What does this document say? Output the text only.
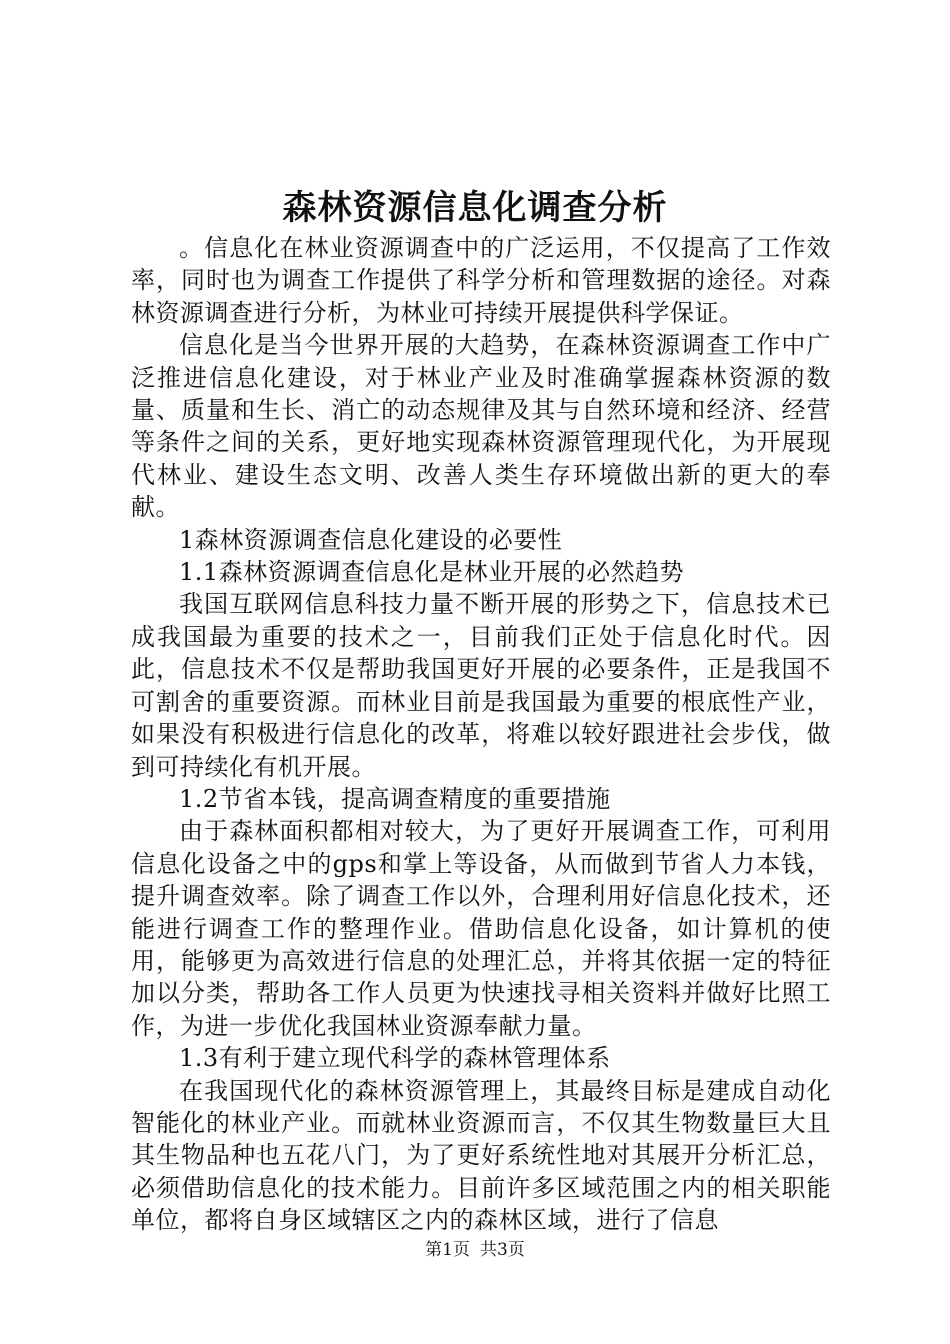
森林资源信息化调查分析

。信息化在林业资源调查中的广泛运用，不仅提高了工作效率，同时也为调查工作提供了科学分析和管理数据的途径。对森林资源调查进行分析，为林业可持续开展提供科学保证。

信息化是当今世界开展的大趋势，在森林资源调查工作中广泛推进信息化建设，对于林业产业及时准确掌握森林资源的数量、质量和生长、消亡的动态规律及其与自然环境和经济、经营等条件之间的关系，更好地实现森林资源管理现代化，为开展现代林业、建设生态文明、改善人类生存环境做出新的更大的奉献。

1森林资源调查信息化建设的必要性

1.1森林资源调查信息化是林业开展的必然趋势

我国互联网信息科技力量不断开展的形势之下，信息技术已成我国最为重要的技术之一，目前我们正处于信息化时代。因此，信息技术不仅是帮助我国更好开展的必要条件，正是我国不可割舍的重要资源。而林业目前是我国最为重要的根底性产业，如果没有积极进行信息化的改革，将难以较好跟进社会步伐，做到可持续化有机开展。

1.2节省本钱，提高调查精度的重要措施

由于森林面积都相对较大，为了更好开展调查工作，可利用信息化设备之中的gps和掌上等设备，从而做到节省人力本钱，提升调查效率。除了调查工作以外，合理利用好信息化技术，还能进行调查工作的整理作业。借助信息化设备，如计算机的使用，能够更为高效进行信息的处理汇总，并将其依据一定的特征加以分类，帮助各工作人员更为快速找寻相关资料并做好比照工作，为进一步优化我国林业资源奉献力量。

1.3有利于建立现代科学的森林管理体系

在我国现代化的森林资源管理上，其最终目标是建成自动化智能化的林业产业。而就林业资源而言，不仅其生物数量巨大且其生物品种也五花八门，为了更好系统性地对其展开分析汇总，必须借助信息化的技术能力。目前许多区域范围之内的相关职能单位，都将自身区域辖区之内的森林区域，进行了信息

第1页 共3页
